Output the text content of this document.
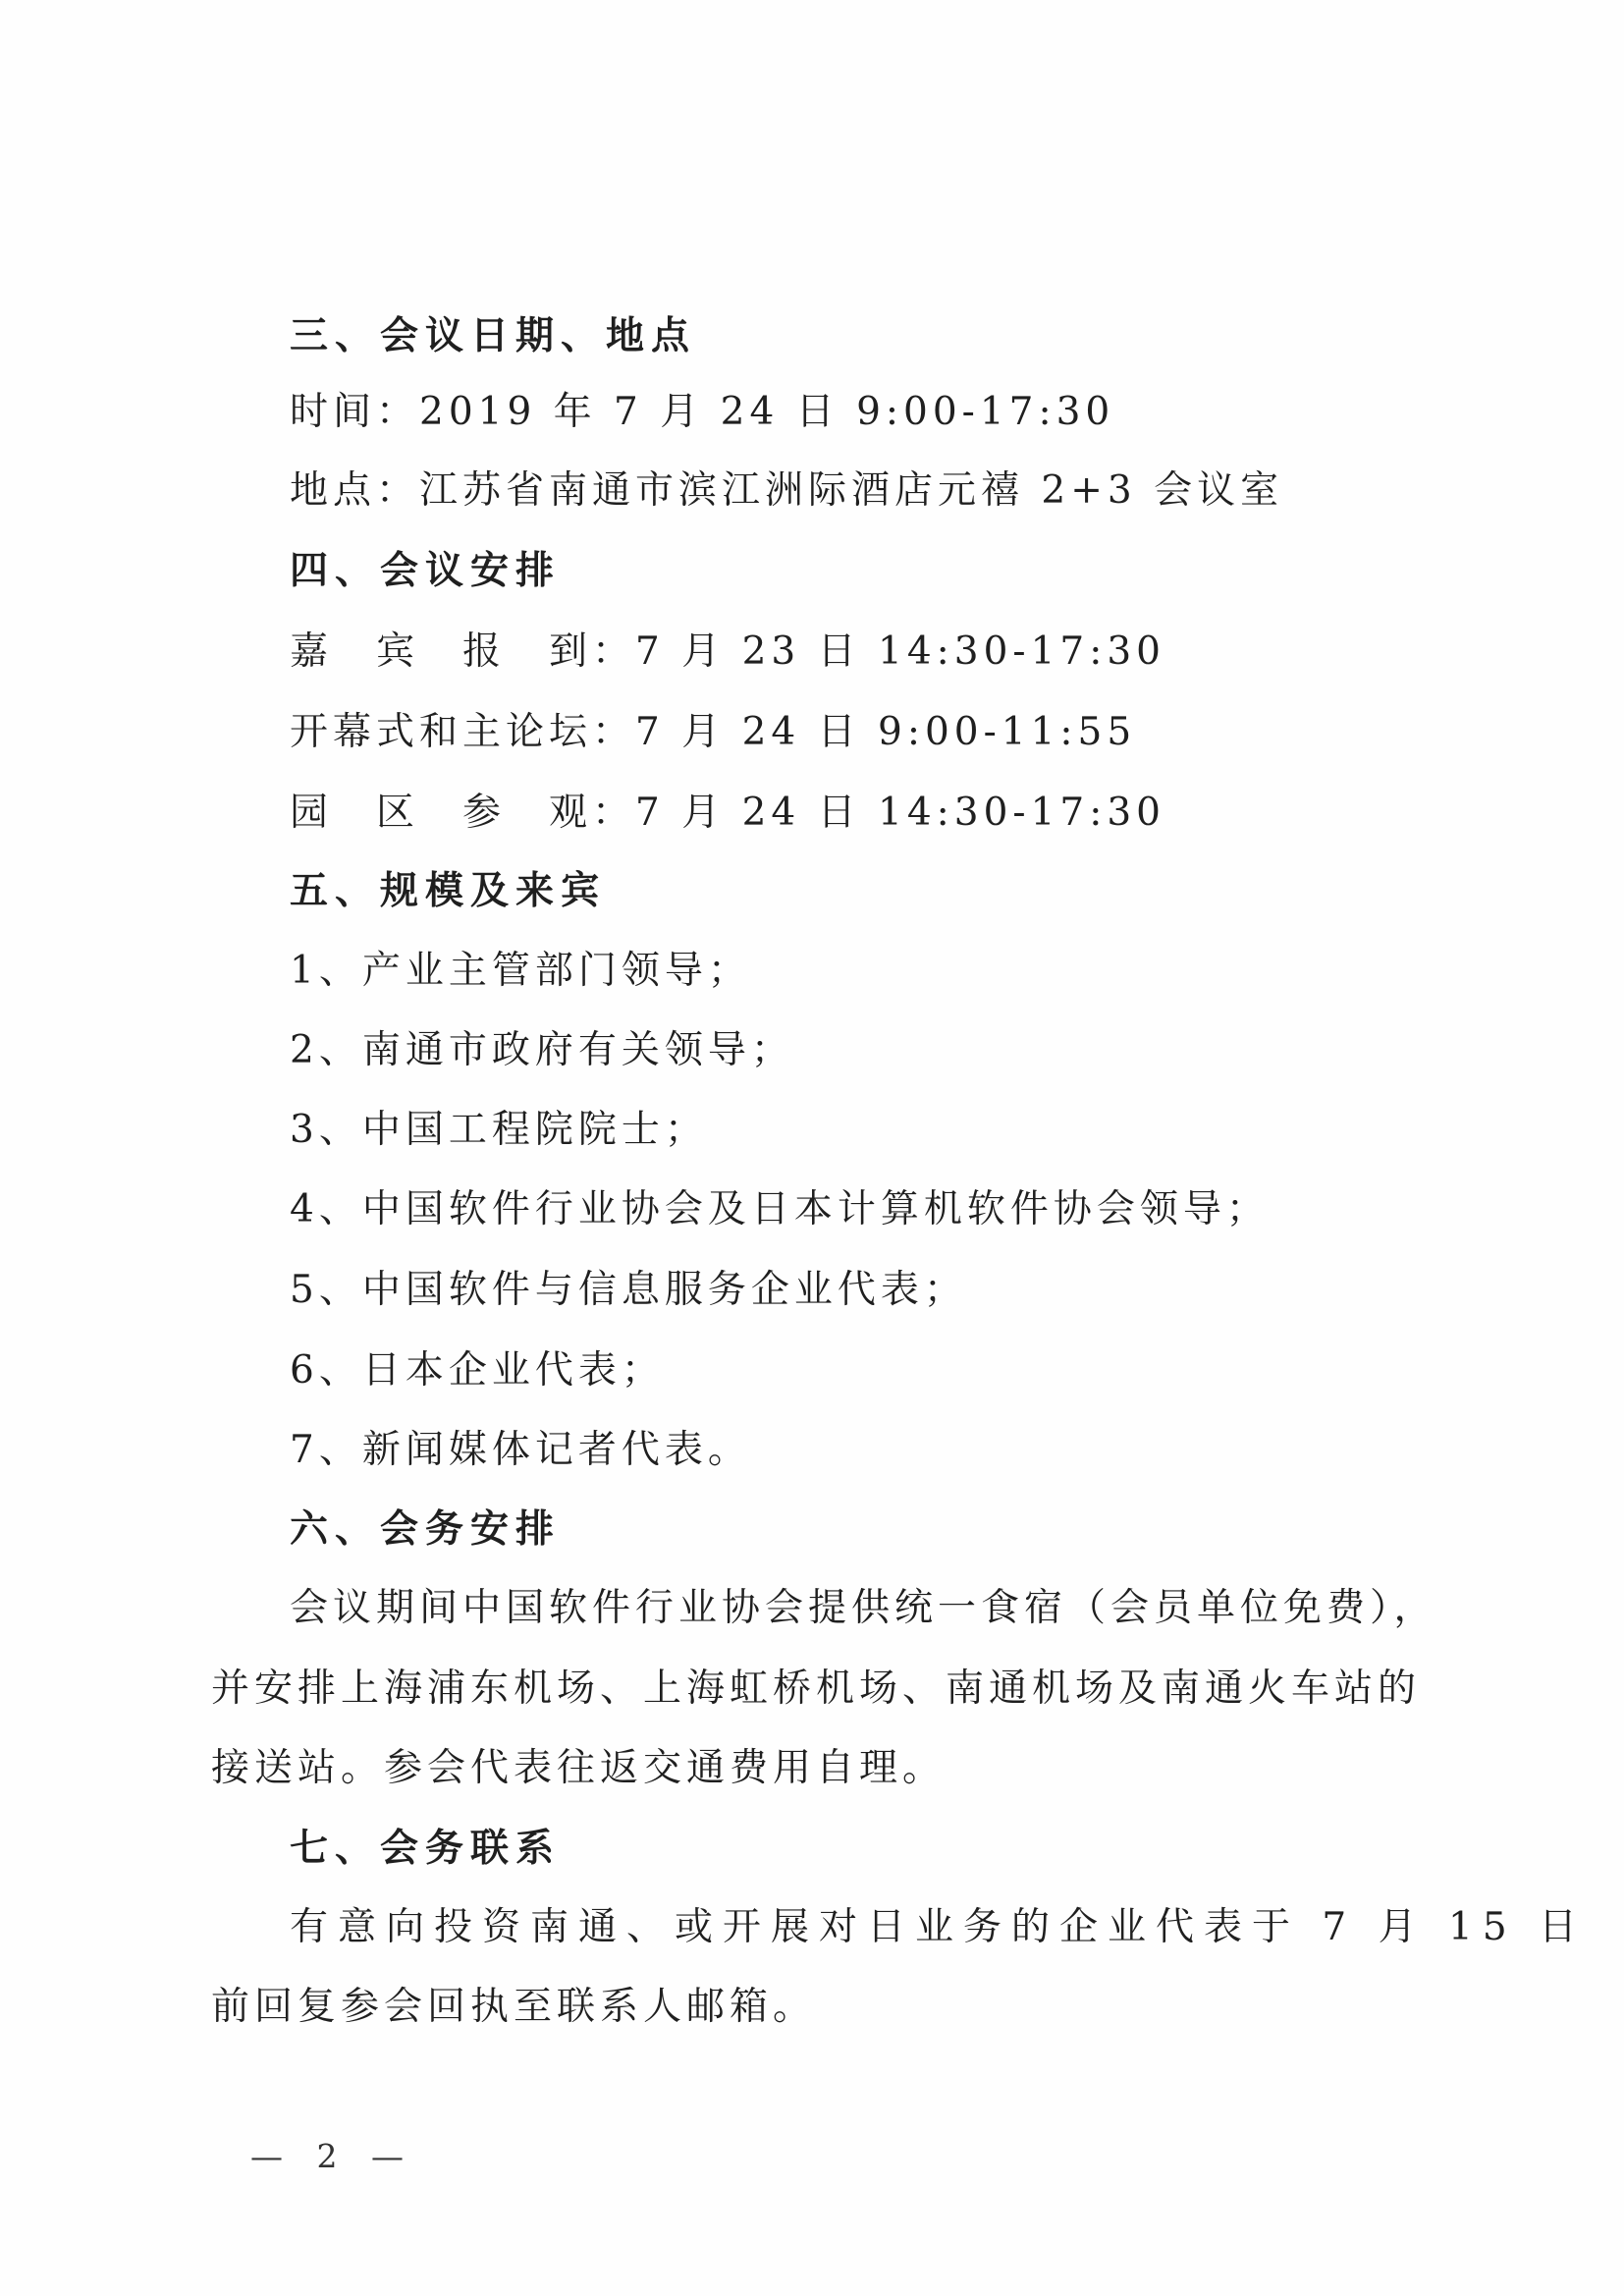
三、会议日期、地点
时间：2019 年 7 月 24 日 9:00-17:30
地点：江苏省南通市滨江洲际酒店元禧 2+3 会议室
四、会议安排
嘉　宾　报　到：7 月 23 日 14:30-17:30
开幕式和主论坛：7 月 24 日 9:00-11:55
园　区　参　观：7 月 24 日 14:30-17:30
五、规模及来宾
1、产业主管部门领导；
2、南通市政府有关领导；
3、中国工程院院士；
4、中国软件行业协会及日本计算机软件协会领导；
5、中国软件与信息服务企业代表；
6、日本企业代表；
7、新闻媒体记者代表。
六、会务安排
会议期间中国软件行业协会提供统一食宿（会员单位免费），
并安排上海浦东机场、上海虹桥机场、南通机场及南通火车站的
接送站。参会代表往返交通费用自理。
七、会务联系
有意向投资南通、或开展对日业务的企业代表于 7 月 15 日
前回复参会回执至联系人邮箱。
— 2 —
